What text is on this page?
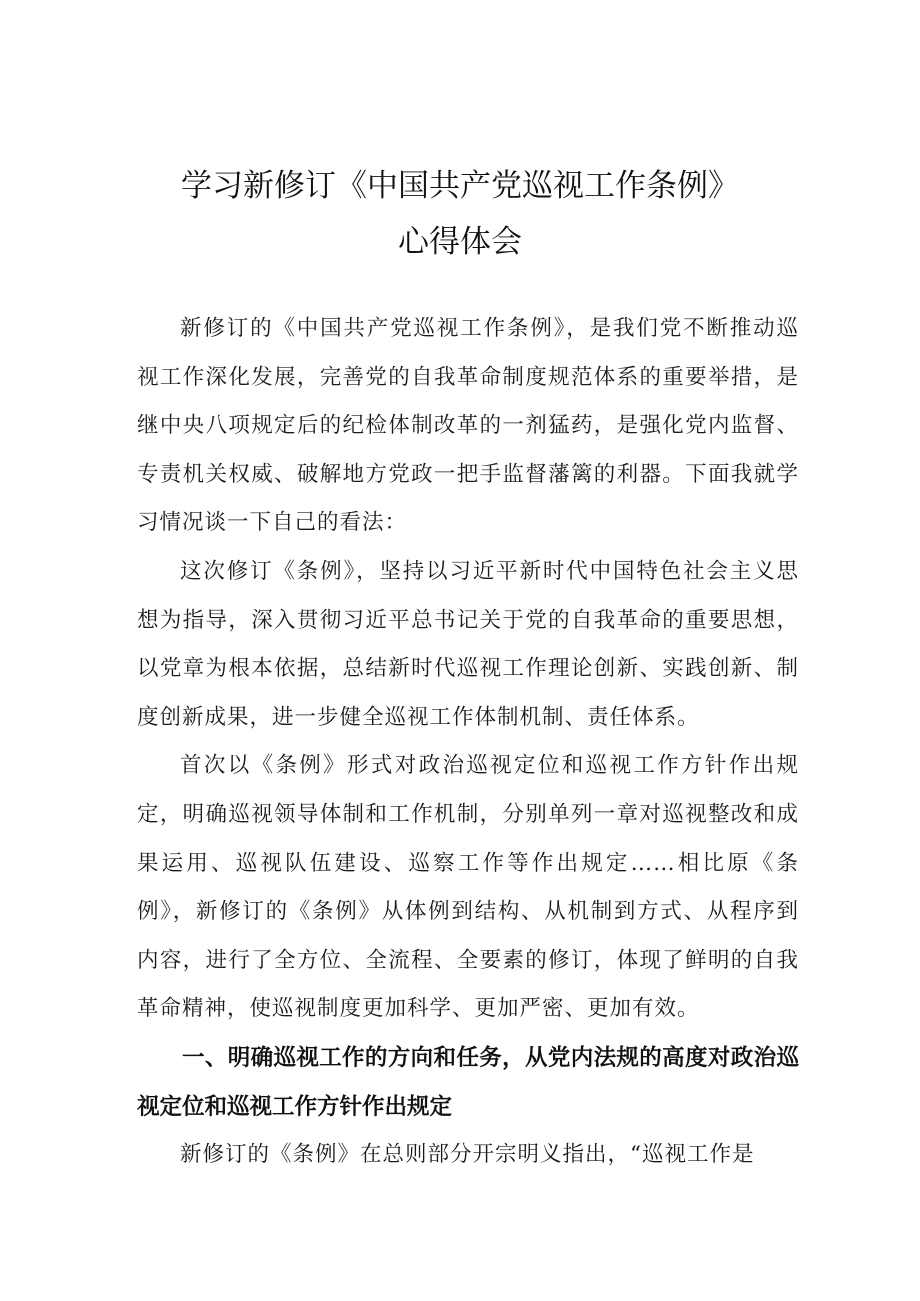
学习新修订《中国共产党巡视工作条例》
心得体会

新修订的《中国共产党巡视工作条例》，是我们党不断推动巡视工作深化发展，完善党的自我革命制度规范体系的重要举措，是继中央八项规定后的纪检体制改革的一剂猛药，是强化党内监督、专责机关权威、破解地方党政一把手监督藩篱的利器。下面我就学习情况谈一下自己的看法：

这次修订《条例》，坚持以习近平新时代中国特色社会主义思想为指导，深入贯彻习近平总书记关于党的自我革命的重要思想，以党章为根本依据，总结新时代巡视工作理论创新、实践创新、制度创新成果，进一步健全巡视工作体制机制、责任体系。

首次以《条例》形式对政治巡视定位和巡视工作方针作出规定，明确巡视领导体制和工作机制，分别单列一章对巡视整改和成果运用、巡视队伍建设、巡察工作等作出规定……相比原《条例》，新修订的《条例》从体例到结构、从机制到方式、从程序到内容，进行了全方位、全流程、全要素的修订，体现了鲜明的自我革命精神，使巡视制度更加科学、更加严密、更加有效。

一、明确巡视工作的方向和任务，从党内法规的高度对政治巡视定位和巡视工作方针作出规定

新修订的《条例》在总则部分开宗明义指出，“巡视工作是
